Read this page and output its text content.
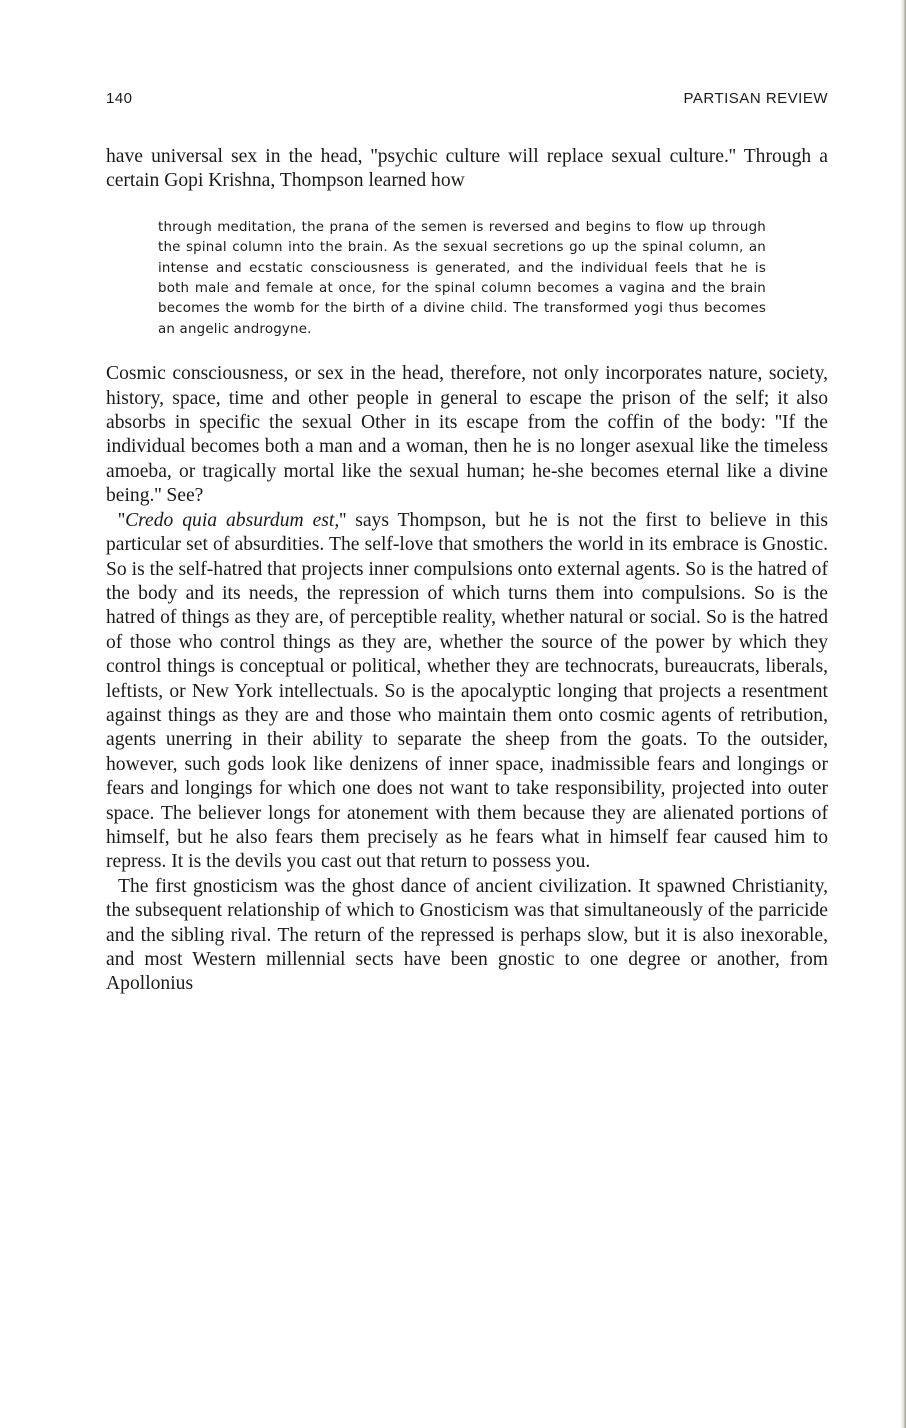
140	PARTISAN REVIEW

have universal sex in the head, ''psychic culture will replace sexual culture.'' Through a certain Gopi Krishna, Thompson learned how

through meditation, the prana of the semen is reversed and begins to flow up through the spinal column into the brain. As the sexual secretions go up the spinal column, an intense and ecstatic consciousness is generated, and the individual feels that he is both male and female at once, for the spinal column becomes a vagina and the brain becomes the womb for the birth of a divine child. The transformed yogi thus becomes an angelic androgyne.

Cosmic consciousness, or sex in the head, therefore, not only incorporates nature, society, history, space, time and other people in general to escape the prison of the self; it also absorbs in specific the sexual Other in its escape from the coffin of the body: ''If the individual becomes both a man and a woman, then he is no longer asexual like the timeless amoeba, or tragically mortal like the sexual human; he-she becomes eternal like a divine being.'' See?

''Credo quia absurdum est,'' says Thompson, but he is not the first to believe in this particular set of absurdities. The self-love that smothers the world in its embrace is Gnostic. So is the self-hatred that projects inner compulsions onto external agents. So is the hatred of the body and its needs, the repression of which turns them into compulsions. So is the hatred of things as they are, of perceptible reality, whether natural or social. So is the hatred of those who control things as they are, whether the source of the power by which they control things is conceptual or political, whether they are technocrats, bureaucrats, liberals, leftists, or New York intellectuals. So is the apocalyptic longing that projects a resentment against things as they are and those who maintain them onto cosmic agents of retribution, agents unerring in their ability to separate the sheep from the goats. To the outsider, however, such gods look like denizens of inner space, inadmissible fears and longings or fears and longings for which one does not want to take responsibility, projected into outer space. The believer longs for atonement with them because they are alienated portions of himself, but he also fears them precisely as he fears what in himself fear caused him to repress. It is the devils you cast out that return to possess you.

The first gnosticism was the ghost dance of ancient civilization. It spawned Christianity, the subsequent relationship of which to Gnosticism was that simultaneously of the parricide and the sibling rival. The return of the repressed is perhaps slow, but it is also inexorable, and most Western millennial sects have been gnostic to one degree or another, from Apollonius
